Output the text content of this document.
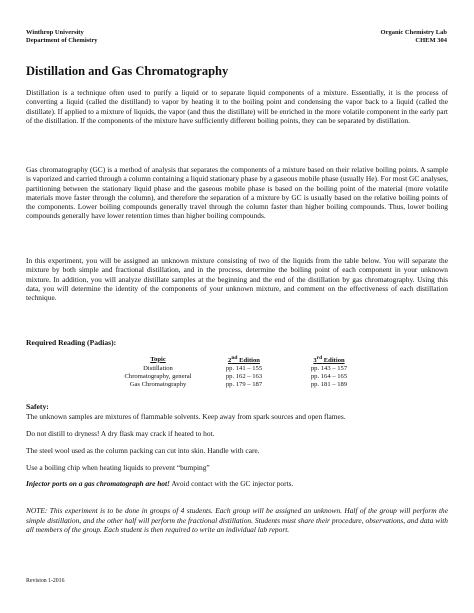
Winthrop University
Department of Chemistry
Organic Chemistry Lab
CHEM 304
Distillation and Gas Chromatography

Distillation is a technique often used to purify a liquid or to separate liquid components of a mixture. Essentially, it is the process of converting a liquid (called the distilland) to vapor by heating it to the boiling point and condensing the vapor back to a liquid (called the distillate). If applied to a mixture of liquids, the vapor (and thus the distillate) will be enriched in the more volatile component in the early part of the distillation. If the components of the mixture have sufficiently different boiling points, they can be separated by distillation.

Gas chromatography (GC) is a method of analysis that separates the components of a mixture based on their relative boiling points. A sample is vaporized and carried through a column containing a liquid stationary phase by a gaseous mobile phase (usually He). For most GC analyses, partitioning between the stationary liquid phase and the gaseous mobile phase is based on the boiling point of the material (more volatile materials move faster through the column), and therefore the separation of a mixture by GC is usually based on the relative boiling points of the components. Lower boiling compounds generally travel through the column faster than higher boiling compounds. Thus, lower boiling compounds generally have lower retention times than higher boiling compounds.

In this experiment, you will be assigned an unknown mixture consisting of two of the liquids from the table below. You will separate the mixture by both simple and fractional distillation, and in the process, determine the boiling point of each component in your unknown mixture. In addition, you will analyze distillate samples at the beginning and the end of the distillation by gas chromatography. Using this data, you will determine the identity of the components of your unknown mixture, and comment on the effectiveness of each distillation technique.

Required Reading (Padias):
Topic	2nd Edition	3rd Edition
Distillation	pp. 141 – 155	pp. 143 – 157
Chromatography, general	pp. 162 – 163	pp. 164 – 165
Gas Chromatography	pp. 179 – 187	pp. 181 – 189
Safety:

The unknown samples are mixtures of flammable solvents. Keep away from spark sources and open flames.

Do not distill to dryness! A dry flask may crack if heated to hot.

The steel wool used as the column packing can cut into skin. Handle with care.

Use a boiling chip when heating liquids to prevent “bumping”

Injector ports on a gas chromatograph are hot! Avoid contact with the GC injector ports.

NOTE: This experiment is to be done in groups of 4 students. Each group will be assigned an unknown. Half of the group will perform the simple distillation, and the other half will perform the fractional distillation. Students must share their procedure, observations, and data with all members of the group. Each student is then required to write an individual lab report.

Revision 1-2016
